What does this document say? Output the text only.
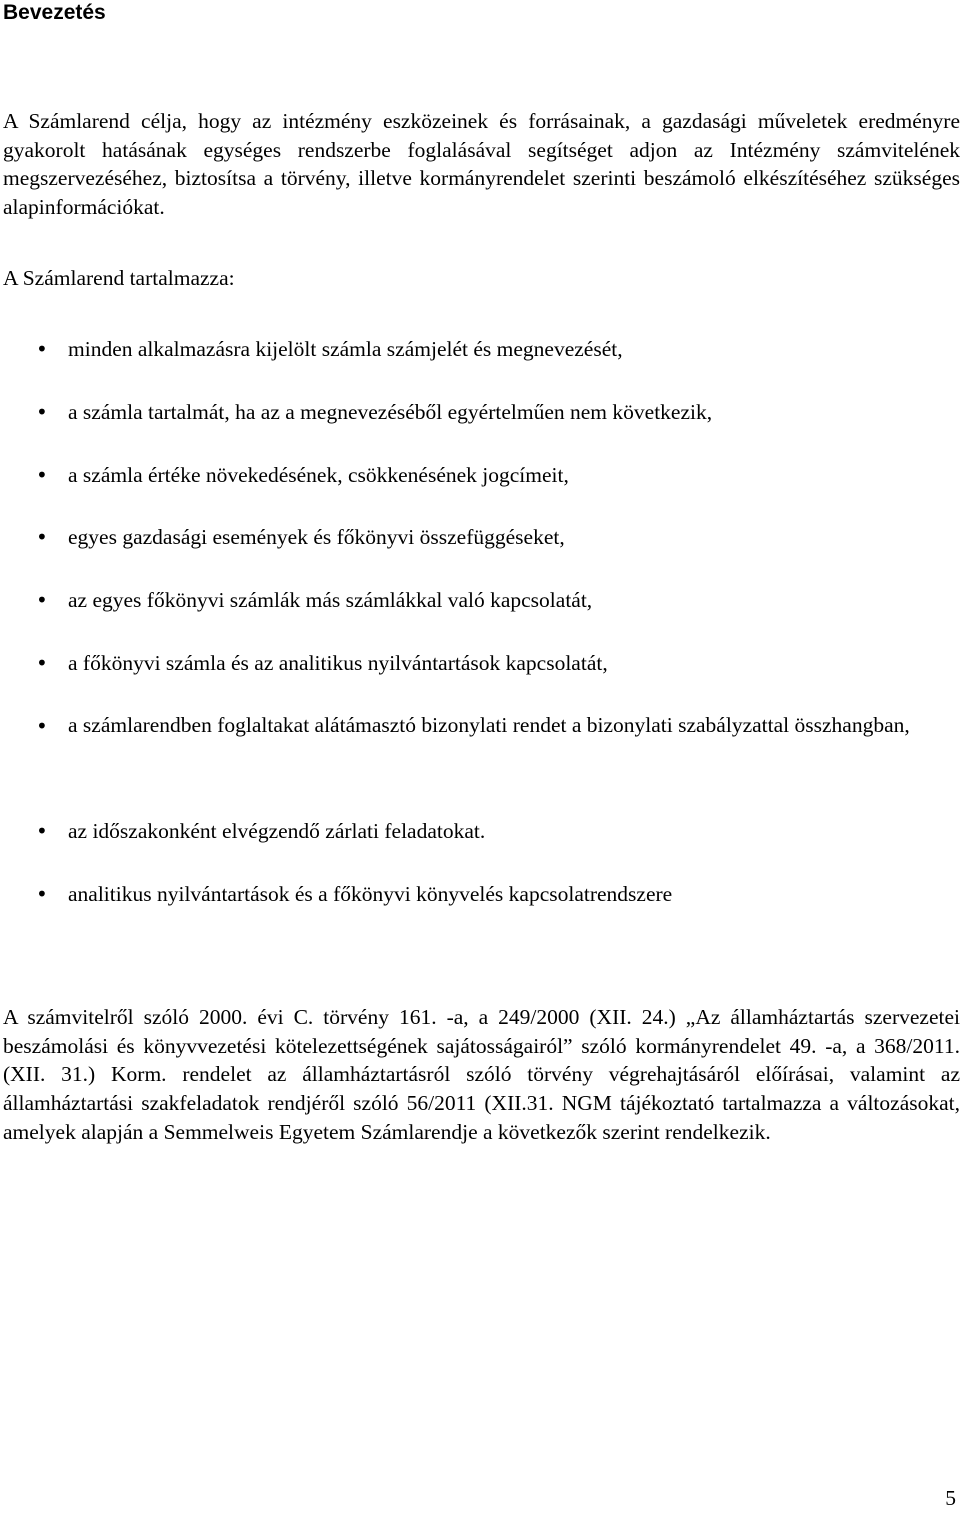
Bevezetés

A Számlarend célja, hogy az intézmény eszközeinek és forrásainak, a gazdasági műveletek eredményre gyakorolt hatásának egységes rendszerbe foglalásával segítséget adjon az Intézmény számvitelének megszervezéséhez, biztosítsa a törvény, illetve kormányrendelet szerinti beszámoló elkészítéséhez szükséges alapinformációkat.

A Számlarend tartalmazza:

• minden alkalmazásra kijelölt számla számjelét és megnevezését,
• a számla tartalmát, ha az a megnevezéséből egyértelműen nem következik,
• a számla értéke növekedésének, csökkenésének jogcímeit,
• egyes gazdasági események és főkönyvi összefüggéseket,
• az egyes főkönyvi számlák más számlákkal való kapcsolatát,
• a főkönyvi számla és az analitikus nyilvántartások kapcsolatát,
• a számlarendben foglaltakat alátámasztó bizonylati rendet a bizonylati szabályzattal összhangban,
• az időszakonként elvégzendő zárlati feladatokat.
• analitikus nyilvántartások és a főkönyvi könyvelés kapcsolatrendszere

A számvitelről szóló 2000. évi C. törvény 161. -a, a 249/2000 (XII. 24.) „Az államháztartás szervezetei beszámolási és könyvvezetési kötelezettségének sajátosságairól” szóló kormányrendelet 49. -a, a 368/2011. (XII. 31.) Korm. rendelet az államháztartásról szóló törvény végrehajtásáról előírásai, valamint az államháztartási szakfeladatok rendjéről szóló 56/2011 (XII.31. NGM tájékoztató tartalmazza a változásokat, amelyek alapján a Semmelweis Egyetem Számlarendje a következők szerint rendelkezik.

5
